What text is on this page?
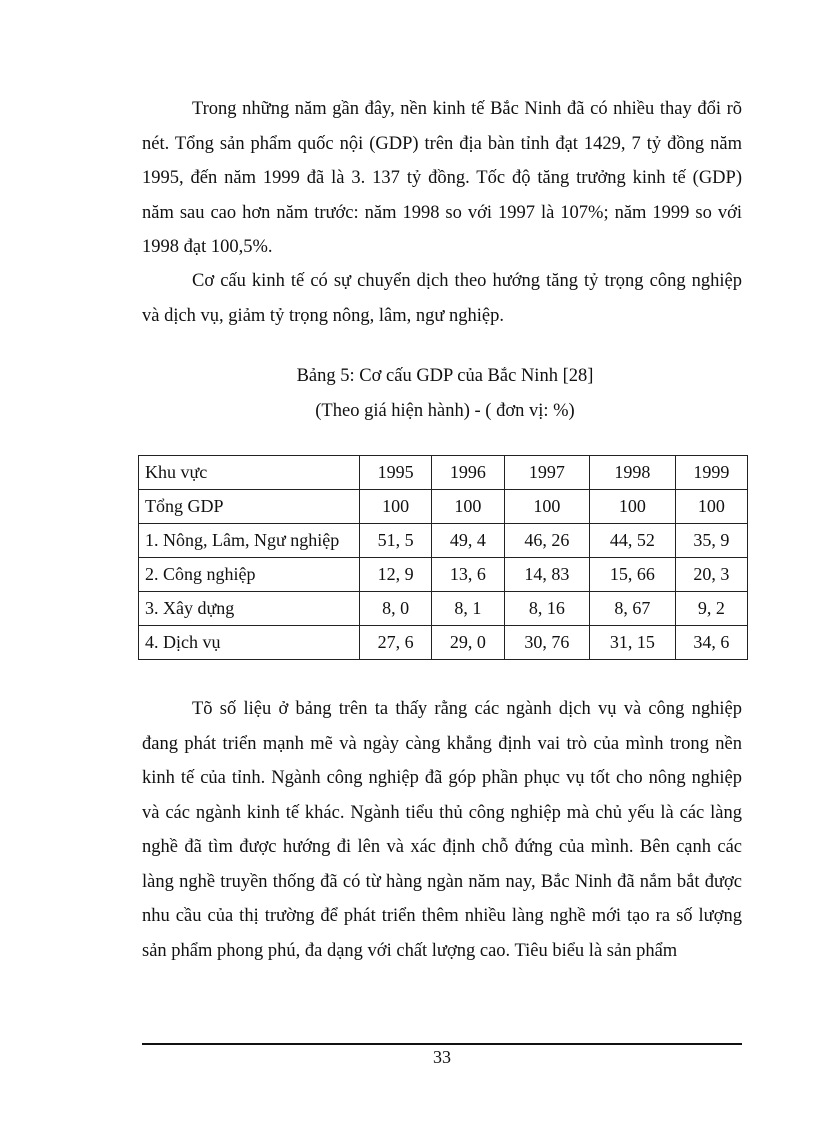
Trong những năm gần đây, nền kinh tế Bắc Ninh đã có nhiều thay đổi rõ nét. Tổng sản phẩm quốc nội (GDP) trên địa bàn tỉnh đạt 1429, 7 tỷ đồng năm 1995, đến năm 1999 đã là 3. 137 tỷ đồng. Tốc độ tăng trưởng kinh tế (GDP) năm sau cao hơn năm trước: năm 1998 so với 1997 là 107%; năm 1999 so với 1998 đạt 100,5%.

Cơ cấu kinh tế có sự chuyển dịch theo hướng tăng tỷ trọng công nghiệp và dịch vụ, giảm tỷ trọng nông, lâm, ngư nghiệp.

Bảng 5: Cơ cấu GDP của Bắc Ninh [28]

(Theo giá hiện hành) - ( đơn vị: %)

Khu vực	1995	1996	1997	1998	1999
Tổng GDP	100	100	100	100	100
1. Nông, Lâm, Ngư nghiệp	51, 5	49, 4	46, 26	44, 52	35, 9
2. Công nghiệp	12, 9	13, 6	14, 83	15, 66	20, 3
3. Xây dựng	8, 0	8, 1	8, 16	8, 67	9, 2
4. Dịch vụ	27, 6	29, 0	30, 76	31, 15	34, 6

Tõ số liệu ở bảng trên ta thấy rằng các ngành dịch vụ và công nghiệp đang phát triển mạnh mẽ và ngày càng khẳng định vai trò của mình trong nền kinh tế của tỉnh. Ngành công nghiệp đã góp phần phục vụ tốt cho nông nghiệp và các ngành kinh tế khác. Ngành tiểu thủ công nghiệp mà chủ yếu là các làng nghề đã tìm được hướng đi lên và xác định chỗ đứng của mình. Bên cạnh các làng nghề truyền thống đã có từ hàng ngàn năm nay, Bắc Ninh đã nắm bắt được nhu cầu của thị trường để phát triển thêm nhiều làng nghề mới tạo ra số lượng sản phẩm phong phú, đa dạng với chất lượng cao. Tiêu biểu là sản phẩm

33
